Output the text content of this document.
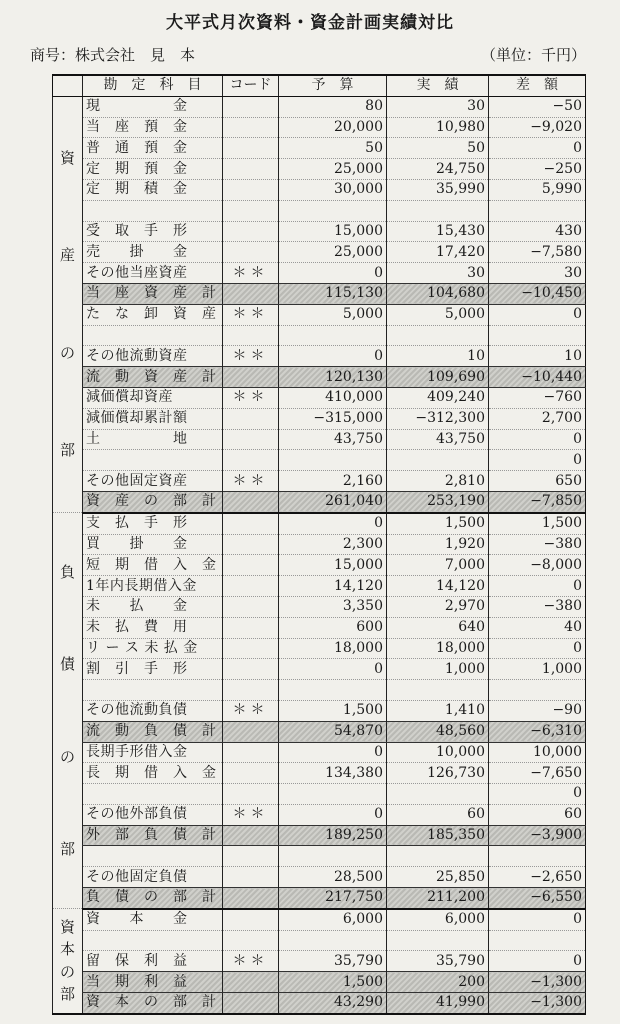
大平式月次資料・資金計画実績対比
商号：株式会社　見　本	（単位：千円）
	勘　定　科　目	コード	予　算	実　績	差　額

資
産
の
部	現　　　　　金		80	30	−50
	当　座　預　金		20,000	10,980	−9,020
	普　通　預　金		50	50	0
	定　期　預　金		25,000	24,750	−250
	定　期　積　金		30,000	35,990	5,990

	受　取　手　形		15,000	15,430	430
	売　　掛　　金		25,000	17,420	−7,580
	その他当座資産	＊＊	0	30	30
	当　座　資　産　計		115,130	104,680	−10,450
	た　な　卸　資　産	＊＊	5,000	5,000	0

	その他流動資産	＊＊	0	10	10
	流　動　資　産　計		120,130	109,690	−10,440
	減価償却資産	＊＊	410,000	409,240	−760
	減価償却累計額		−315,000	−312,300	2,700
	土　　　　　地		43,750	43,750	0
					0
	その他固定資産	＊＊	2,160	2,810	650
	資　産　の　部　計		261,040	253,190	−7,850

負
債
の
部	支　払　手　形		0	1,500	1,500
	買　　掛　　金		2,300	1,920	−380
	短　期　借　入　金		15,000	7,000	−8,000
	1年内長期借入金		14,120	14,120	0
	未　　払　　金		3,350	2,970	−380
	未　払　費　用		600	640	40
	リ ー ス 未 払 金		18,000	18,000	0
	割　引　手　形		0	1,000	1,000

	その他流動負債	＊＊	1,500	1,410	−90
	流　動　負　債　計		54,870	48,560	−6,310
	長期手形借入金		0	10,000	10,000
	長　期　借　入　金		134,380	126,730	−7,650
					0
	その他外部負債	＊＊	0	60	60
	外　部　負　債　計		189,250	185,350	−3,900

	その他固定負債		28,500	25,850	−2,650
	負　債　の　部　計		217,750	211,200	−6,550

資
本
の
部	資　　本　　金		6,000	6,000	0

	留　保　利　益	＊＊	35,790	35,790	0
	当　期　利　益		1,500	200	−1,300
	資　本　の　部　計		43,290	41,990	−1,300
